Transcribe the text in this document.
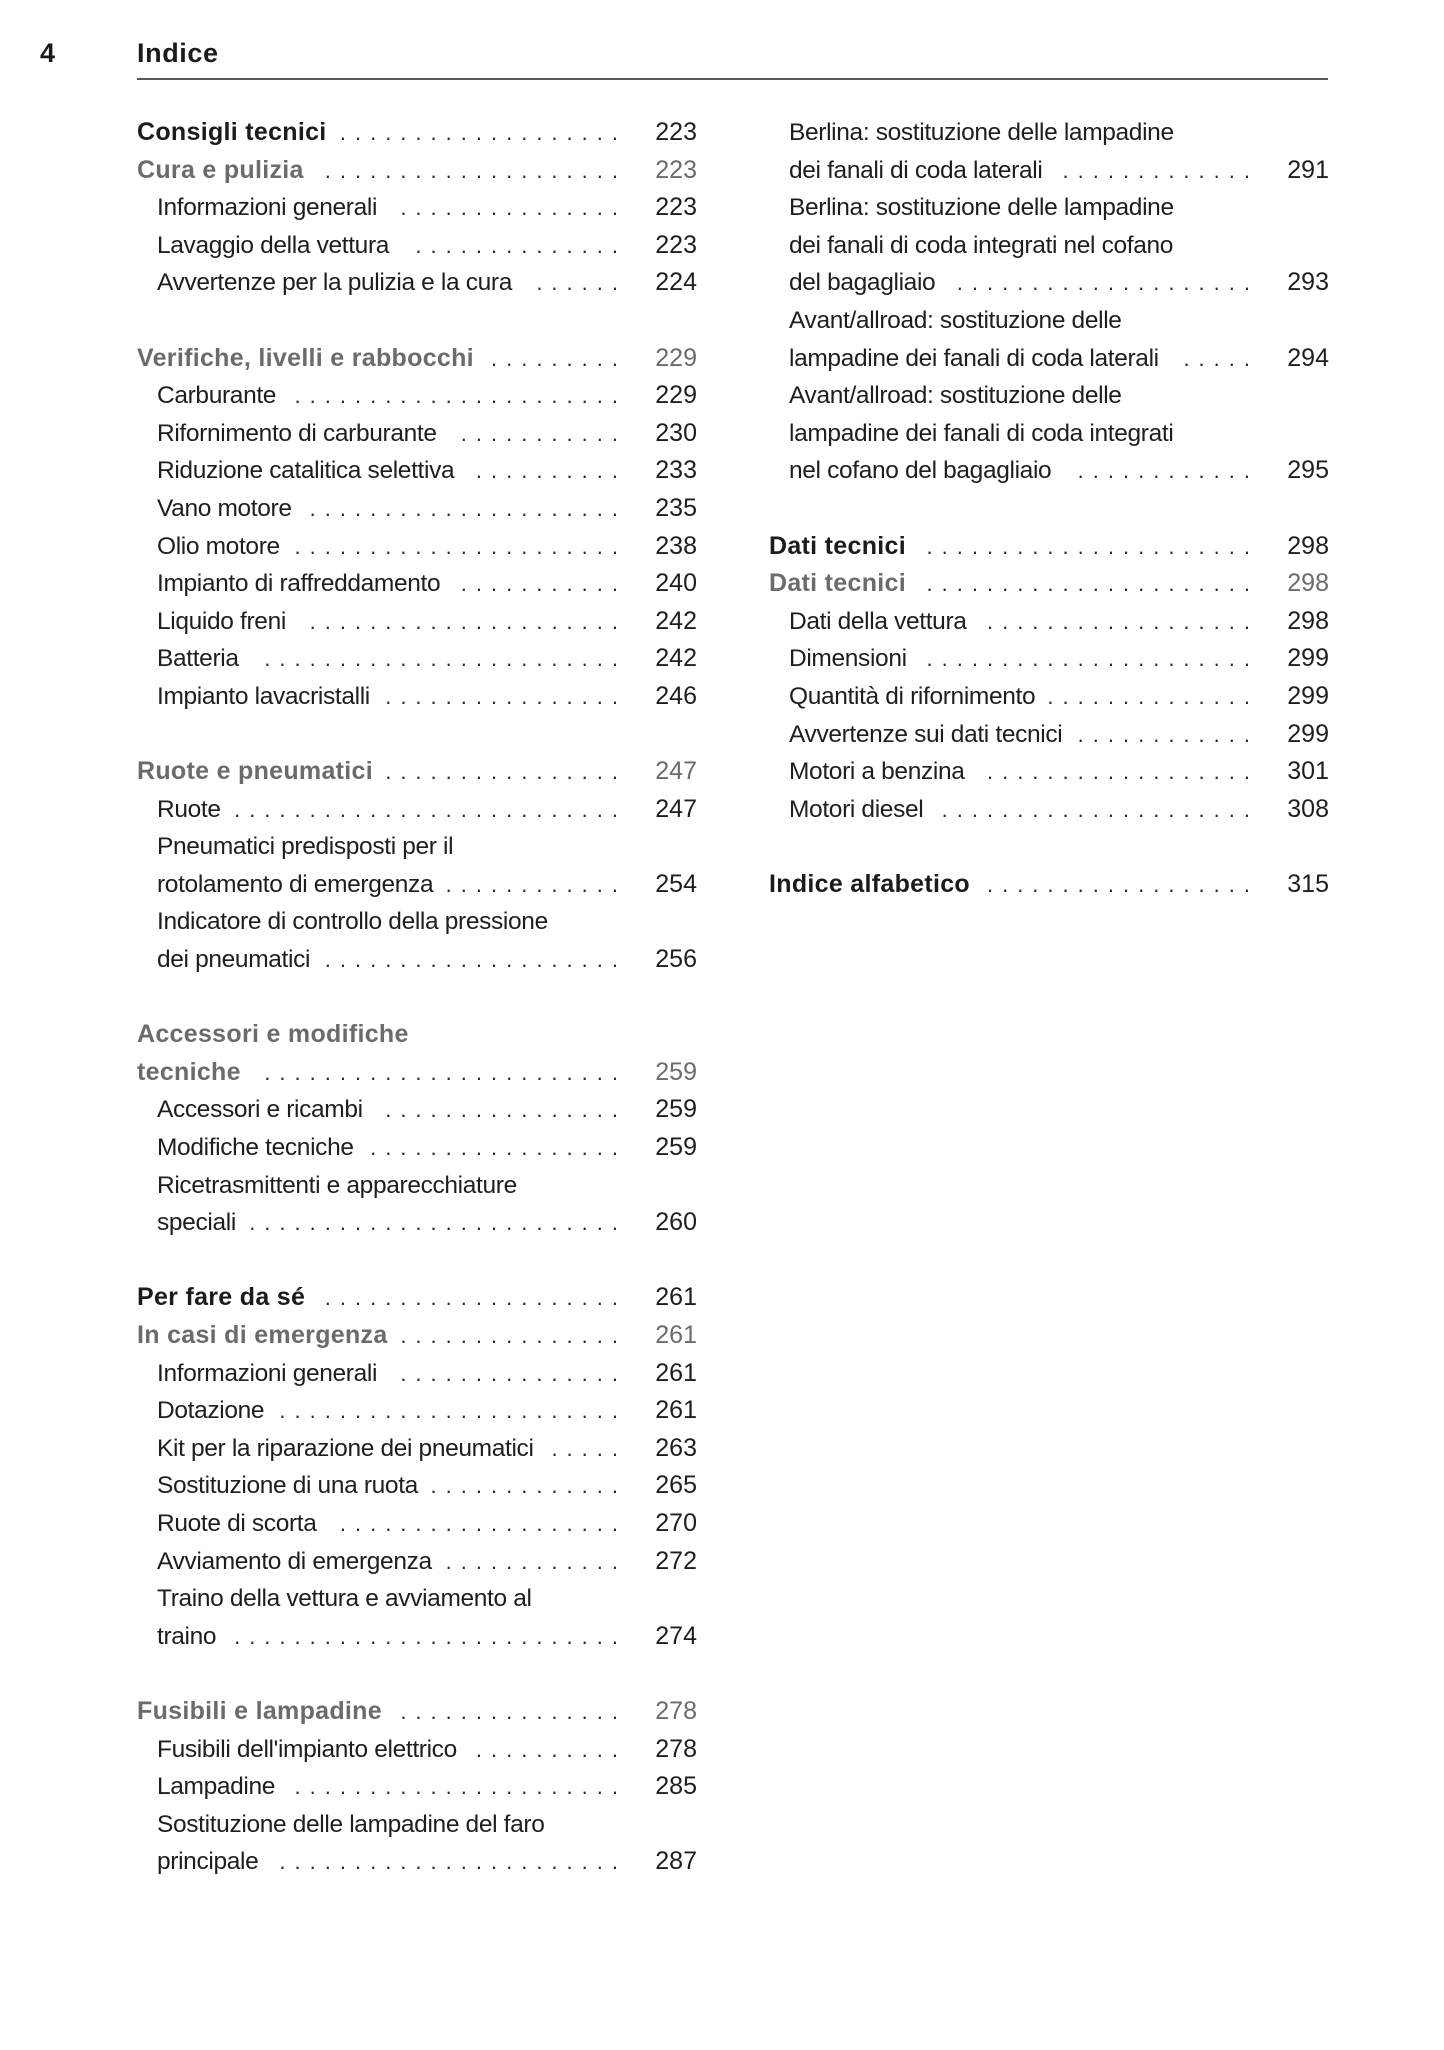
4	Indice
Consigli tecnici ...................	223
Cura e pulizia ....................	223
Informazioni generali	...............	223
Lavaggio della vettura	..............	223
Avvertenze per la pulizia e la cura	......	224
Verifiche, livelli e rabbocchi .........	229
Carburante ......................	229
Rifornimento di carburante	...........	230
Riduzione catalitica selettiva ..........	233
Vano motore .....................	235
Olio motore ......................	238
Impianto di raffreddamento ...........	240
Liquido freni	.....................	242
Batteria	........................	242
Impianto lavacristalli ................	246
Ruote e pneumatici ................	247
Ruote ..........................	247
Pneumatici predisposti per il
rotolamento di emergenza ............	254
Indicatore di controllo della pressione
dei pneumatici ....................	256
Accessori e modifiche
tecniche	........................	259
Accessori e ricambi	................	259
Modifiche tecniche .................	259
Ricetrasmittenti e apparecchiature
speciali .........................	260
Per fare da sé ....................	261
In casi di emergenza ...............	261
Informazioni generali	...............	261
Dotazione .......................	261
Kit per la riparazione dei pneumatici .....	263
Sostituzione di una ruota .............	265
Ruote di scorta	...................	270
Avviamento di emergenza ............	272
Traino della vettura e avviamento al
traino ..........................	274
Fusibili e lampadine ...............	278
Fusibili dell'impianto elettrico ..........	278
Lampadine ......................	285
Sostituzione delle lampadine del faro
principale .......................	287
Berlina: sostituzione delle lampadine
dei fanali di coda laterali .............	291
Berlina: sostituzione delle lampadine
dei fanali di coda integrati nel cofano
del bagagliaio ....................	293
Avant/allroad: sostituzione delle
lampadine dei fanali di coda laterali	.....	294
Avant/allroad: sostituzione delle
lampadine dei fanali di coda integrati
nel cofano del bagagliaio	............	295
Dati tecnici ......................	298
Dati tecnici ......................	298
Dati della vettura ..................	298
Dimensioni ......................	299
Quantità di rifornimento ..............	299
Avvertenze sui dati tecnici ............	299
Motori a benzina	..................	301
Motori diesel .....................	308
Indice alfabetico ..................	315
